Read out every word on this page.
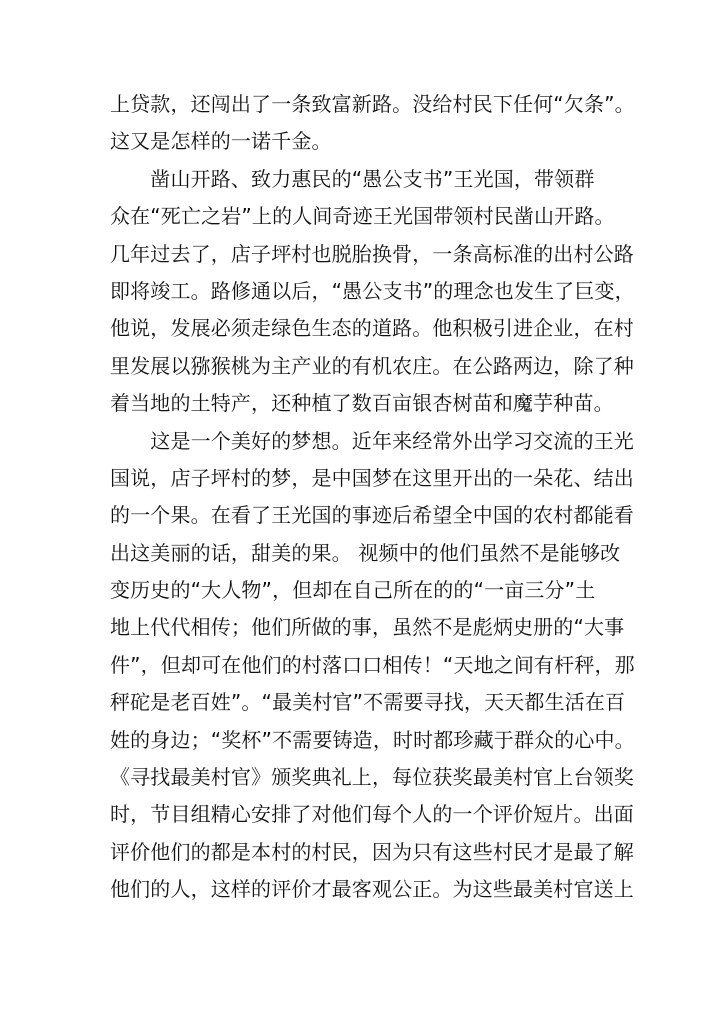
上贷款，还闯出了一条致富新路。没给村民下任何“欠条”。
这又是怎样的一诺千金。
　　凿山开路、致力惠民的“愚公支书”王光国，带领群
众在“死亡之岩”上的人间奇迹王光国带领村民凿山开路。
几年过去了，店子坪村也脱胎换骨，一条高标准的出村公路
即将竣工。路修通以后，“愚公支书”的理念也发生了巨变，
他说，发展必须走绿色生态的道路。他积极引进企业，在村
里发展以猕猴桃为主产业的有机农庄。在公路两边，除了种
着当地的土特产，还种植了数百亩银杏树苗和魔芋种苗。
　　这是一个美好的梦想。近年来经常外出学习交流的王光
国说，店子坪村的梦，是中国梦在这里开出的一朵花、结出
的一个果。在看了王光国的事迹后希望全中国的农村都能看
出这美丽的话，甜美的果。 视频中的他们虽然不是能够改
变历史的“大人物”，但却在自己所在的的“一亩三分”土
地上代代相传；他们所做的事，虽然不是彪炳史册的“大事
件”，但却可在他们的村落口口相传！“天地之间有杆秤，那
秤砣是老百姓”。“最美村官”不需要寻找，天天都生活在百
姓的身边；“奖杯”不需要铸造，时时都珍藏于群众的心中。
《寻找最美村官》颁奖典礼上，每位获奖最美村官上台领奖
时，节目组精心安排了对他们每个人的一个评价短片。出面
评价他们的都是本村的村民，因为只有这些村民才是最了解
他们的人，这样的评价才最客观公正。为这些最美村官送上
